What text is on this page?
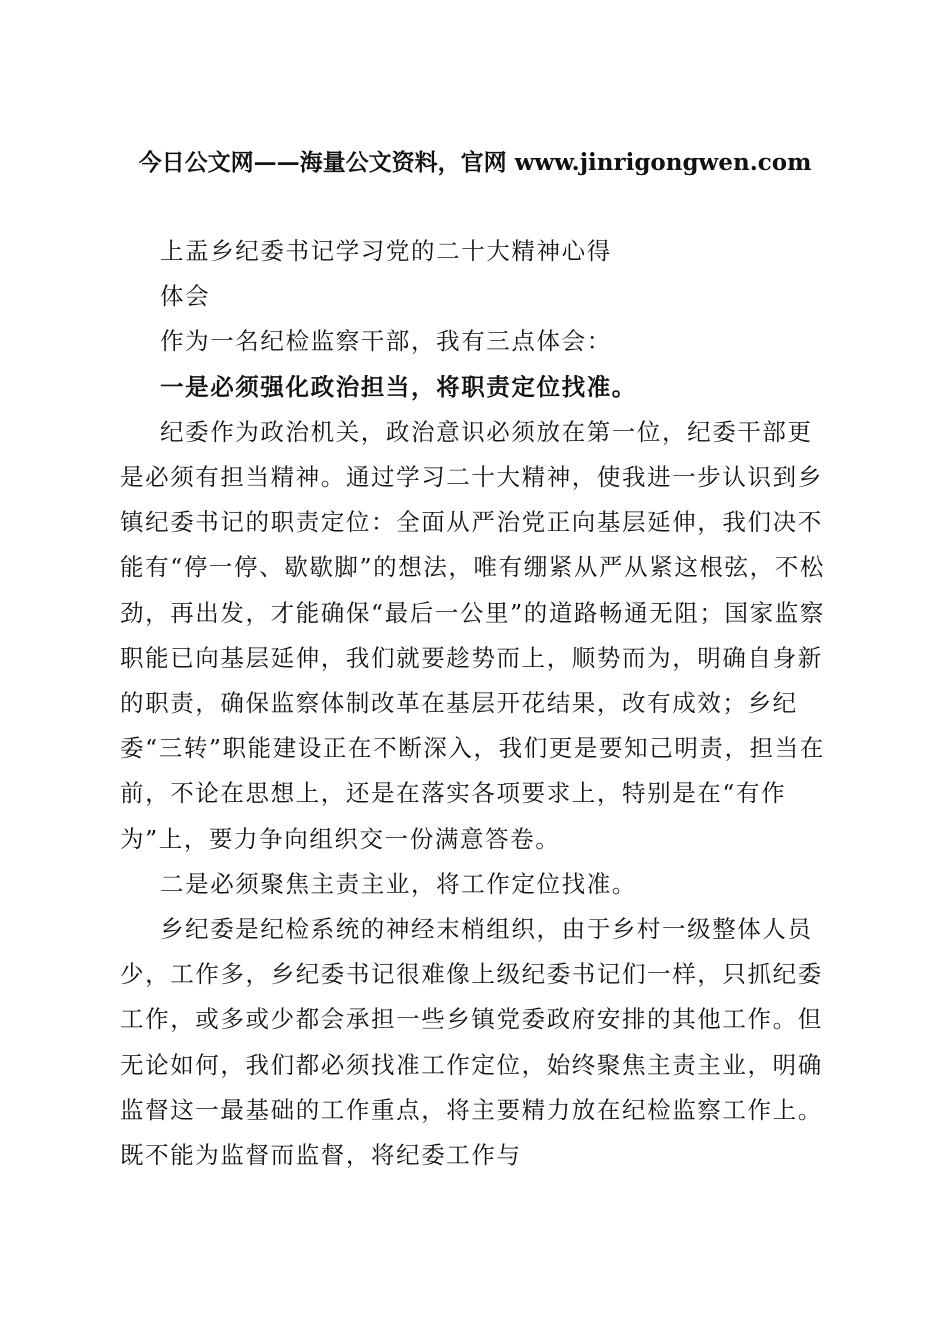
今日公文网——海量公文资料，官网 www.jinrigongwen.com

上盂乡纪委书记学习党的二十大精神心得

体会

作为一名纪检监察干部，我有三点体会：

一是必须强化政治担当，将职责定位找准。

纪委作为政治机关，政治意识必须放在第一位，纪委干部更是必须有担当精神。通过学习二十大精神，使我进一步认识到乡镇纪委书记的职责定位：全面从严治党正向基层延伸，我们决不能有“停一停、歇歇脚”的想法，唯有绷紧从严从紧这根弦，不松劲，再出发，才能确保“最后一公里”的道路畅通无阻；国家监察职能已向基层延伸，我们就要趁势而上，顺势而为，明确自身新的职责，确保监察体制改革在基层开花结果，改有成效；乡纪委“三转”职能建设正在不断深入，我们更是要知己明责，担当在前，不论在思想上，还是在落实各项要求上，特别是在“有作为”上，要力争向组织交一份满意答卷。

二是必须聚焦主责主业，将工作定位找准。

乡纪委是纪检系统的神经末梢组织，由于乡村一级整体人员少，工作多，乡纪委书记很难像上级纪委书记们一样，只抓纪委工作，或多或少都会承担一些乡镇党委政府安排的其他工作。但无论如何，我们都必须找准工作定位，始终聚焦主责主业，明确监督这一最基础的工作重点，将主要精力放在纪检监察工作上。既不能为监督而监督，将纪委工作与
